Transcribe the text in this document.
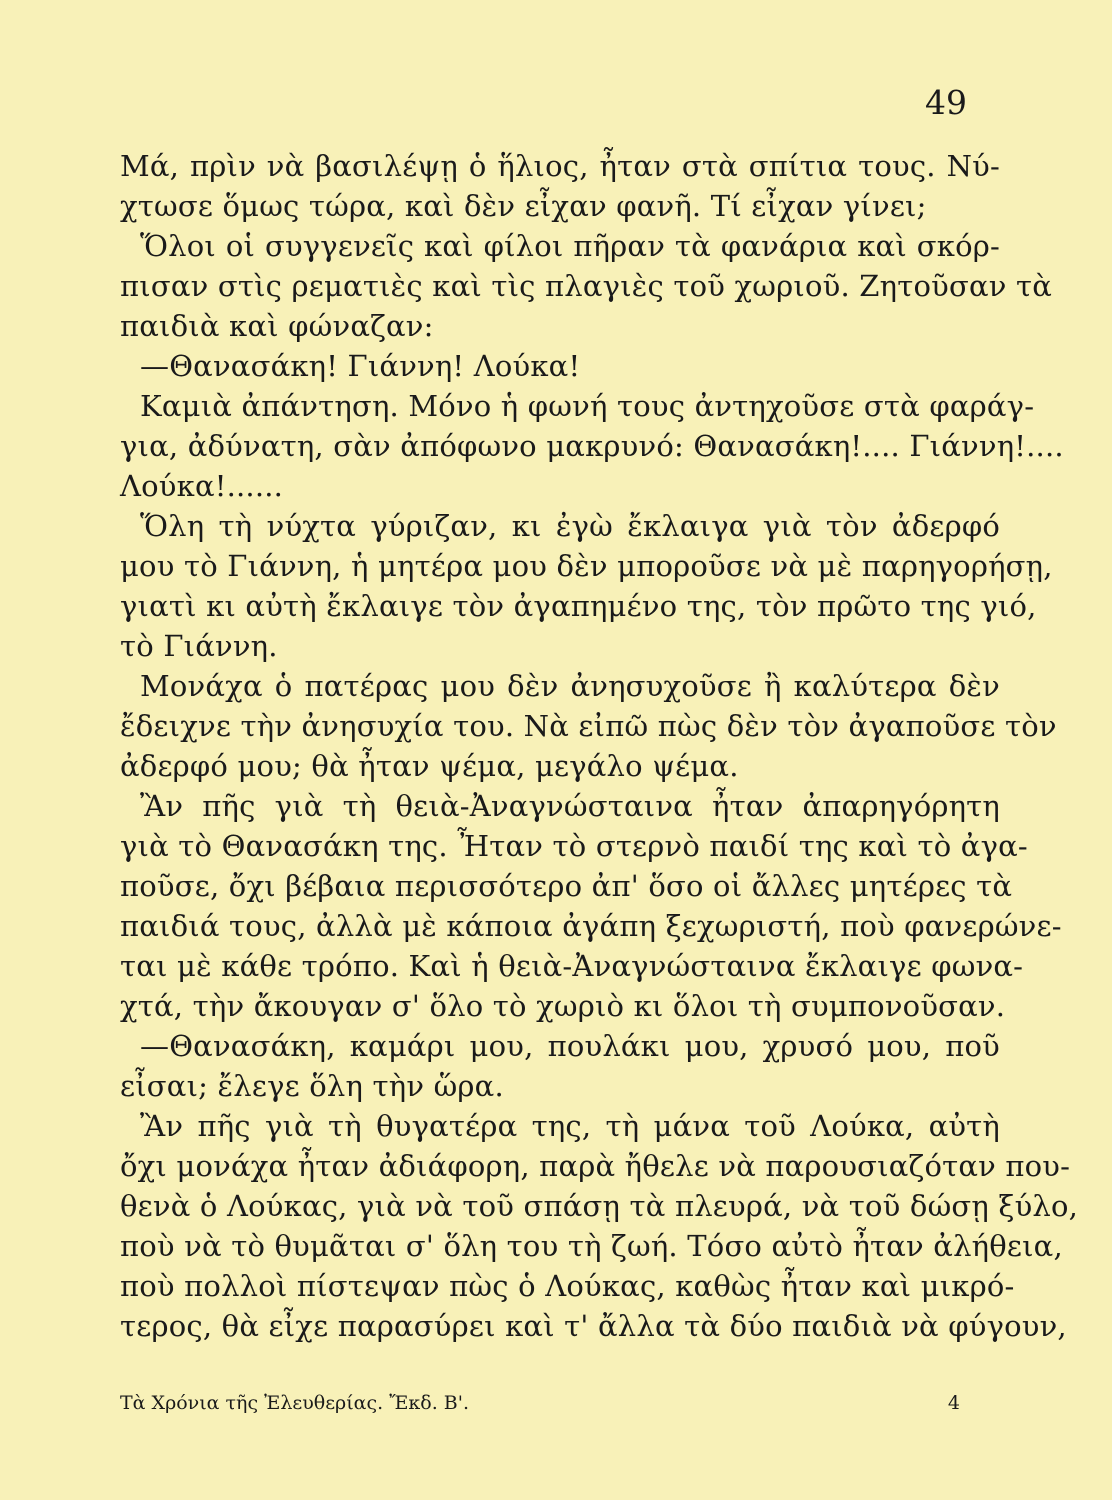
49
Μά, πρὶν νὰ βασιλέψῃ ὁ ἥλιος, ἦταν στὰ σπίτια τους. Νύ-
χτωσε ὅμως τώρα, καὶ δὲν εἶχαν φανῆ. Τί εἶχαν γίνει;
Ὅλοι οἱ συγγενεῖς καὶ φίλοι πῆραν τὰ φανάρια καὶ σκόρ-
πισαν στὶς ρεματιὲς καὶ τὶς πλαγιὲς τοῦ χωριοῦ. Ζητοῦσαν τὰ
παιδιὰ καὶ φώναζαν:
—Θανασάκη! Γιάννη! Λούκα!
Καμιὰ ἀπάντηση. Μόνο ἡ φωνή τους ἀντηχοῦσε στὰ φαράγ-
για, ἀδύνατη, σὰν ἀπόφωνο μακρυνό: Θανασάκη!.... Γιάννη!....
Λούκα!......
Ὅλη τὴ νύχτα γύριζαν, κι ἐγὼ ἔκλαιγα γιὰ τὸν ἀδερφό
μου τὸ Γιάννη, ἡ μητέρα μου δὲν μποροῦσε νὰ μὲ παρηγορήσῃ,
γιατὶ κι αὐτὴ ἔκλαιγε τὸν ἀγαπημένο της, τὸν πρῶτο της γιό,
τὸ Γιάννη.
Μονάχα ὁ πατέρας μου δὲν ἀνησυχοῦσε ἢ καλύτερα δὲν
ἔδειχνε τὴν ἀνησυχία του. Νὰ εἰπῶ πὼς δὲν τὸν ἀγαποῦσε τὸν
ἀδερφό μου; θὰ ἦταν ψέμα, μεγάλο ψέμα.
Ἂν πῆς γιὰ τὴ θειὰ-Ἀναγνώσταινα ἦταν ἀπαρηγόρητη
γιὰ τὸ Θανασάκη της. Ἦταν τὸ στερνὸ παιδί της καὶ τὸ ἀγα-
ποῦσε, ὄχι βέβαια περισσότερο ἀπ' ὅσο οἱ ἄλλες μητέρες τὰ
παιδιά τους, ἀλλὰ μὲ κάποια ἀγάπη ξεχωριστή, ποὺ φανερώνε-
ται μὲ κάθε τρόπο. Καὶ ἡ θειὰ-Ἀναγνώσταινα ἔκλαιγε φωνα-
χτά, τὴν ἄκουγαν σ' ὅλο τὸ χωριὸ κι ὅλοι τὴ συμπονοῦσαν.
—Θανασάκη, καμάρι μου, πουλάκι μου, χρυσό μου, ποῦ
εἶσαι; ἔλεγε ὅλη τὴν ὥρα.
Ἂν πῆς γιὰ τὴ θυγατέρα της, τὴ μάνα τοῦ Λούκα, αὐτὴ
ὄχι μονάχα ἦταν ἀδιάφορη, παρὰ ἤθελε νὰ παρουσιαζόταν που-
θενὰ ὁ Λούκας, γιὰ νὰ τοῦ σπάσῃ τὰ πλευρά, νὰ τοῦ δώσῃ ξύλο,
ποὺ νὰ τὸ θυμᾶται σ' ὅλη του τὴ ζωή. Τόσο αὐτὸ ἦταν ἀλήθεια,
ποὺ πολλοὶ πίστεψαν πὼς ὁ Λούκας, καθὼς ἦταν καὶ μικρό-
τερος, θὰ εἶχε παρασύρει καὶ τ' ἄλλα τὰ δύο παιδιὰ νὰ φύγουν,
Τὰ Χρόνια τῆς Ἐλευθερίας. Ἔκδ. Β'.	4
